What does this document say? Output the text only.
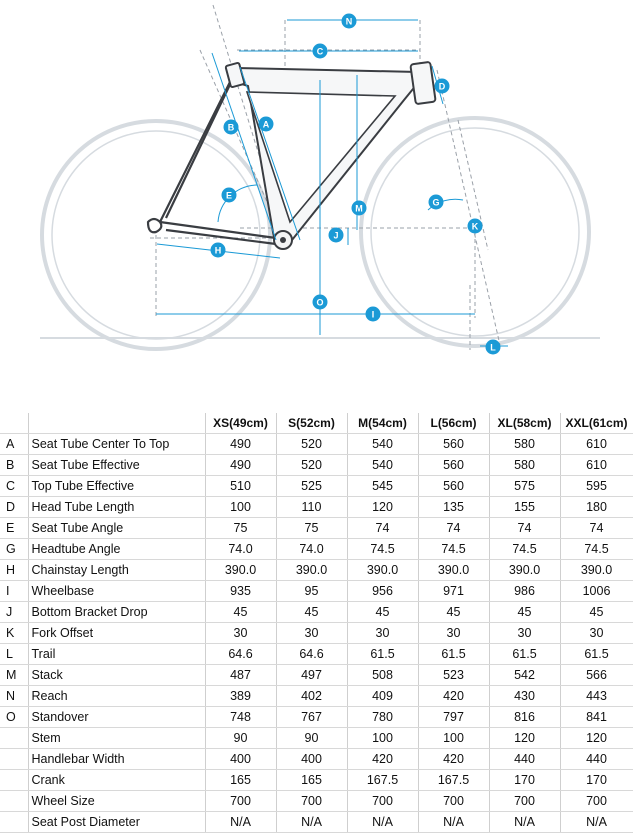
N
C
D
B	A
M
E
G
K
J
H
O
I
L
		XS(49cm)	S(52cm)	M(54cm)	L(56cm)	XL(58cm)	XXL(61cm)
A	Seat Tube Center To Top	490	520	540	560	580	610
B	Seat Tube Effective	490	520	540	560	580	610
C	Top Tube Effective	510	525	545	560	575	595
D	Head Tube Length	100	110	120	135	155	180
E	Seat Tube Angle	75	75	74	74	74	74
G	Headtube Angle	74.0	74.0	74.5	74.5	74.5	74.5
H	Chainstay Length	390.0	390.0	390.0	390.0	390.0	390.0
I	Wheelbase	935	95	956	971	986	1006
J	Bottom Bracket Drop	45	45	45	45	45	45
K	Fork Offset	30	30	30	30	30	30
L	Trail	64.6	64.6	61.5	61.5	61.5	61.5
M	Stack	487	497	508	523	542	566
N	Reach	389	402	409	420	430	443
O	Standover	748	767	780	797	816	841
	Stem	90	90	100	100	120	120
	Handlebar Width	400	400	420	420	440	440
	Crank	165	165	167.5	167.5	170	170
	Wheel Size	700	700	700	700	700	700
	Seat Post Diameter	N/A	N/A	N/A	N/A	N/A	N/A
